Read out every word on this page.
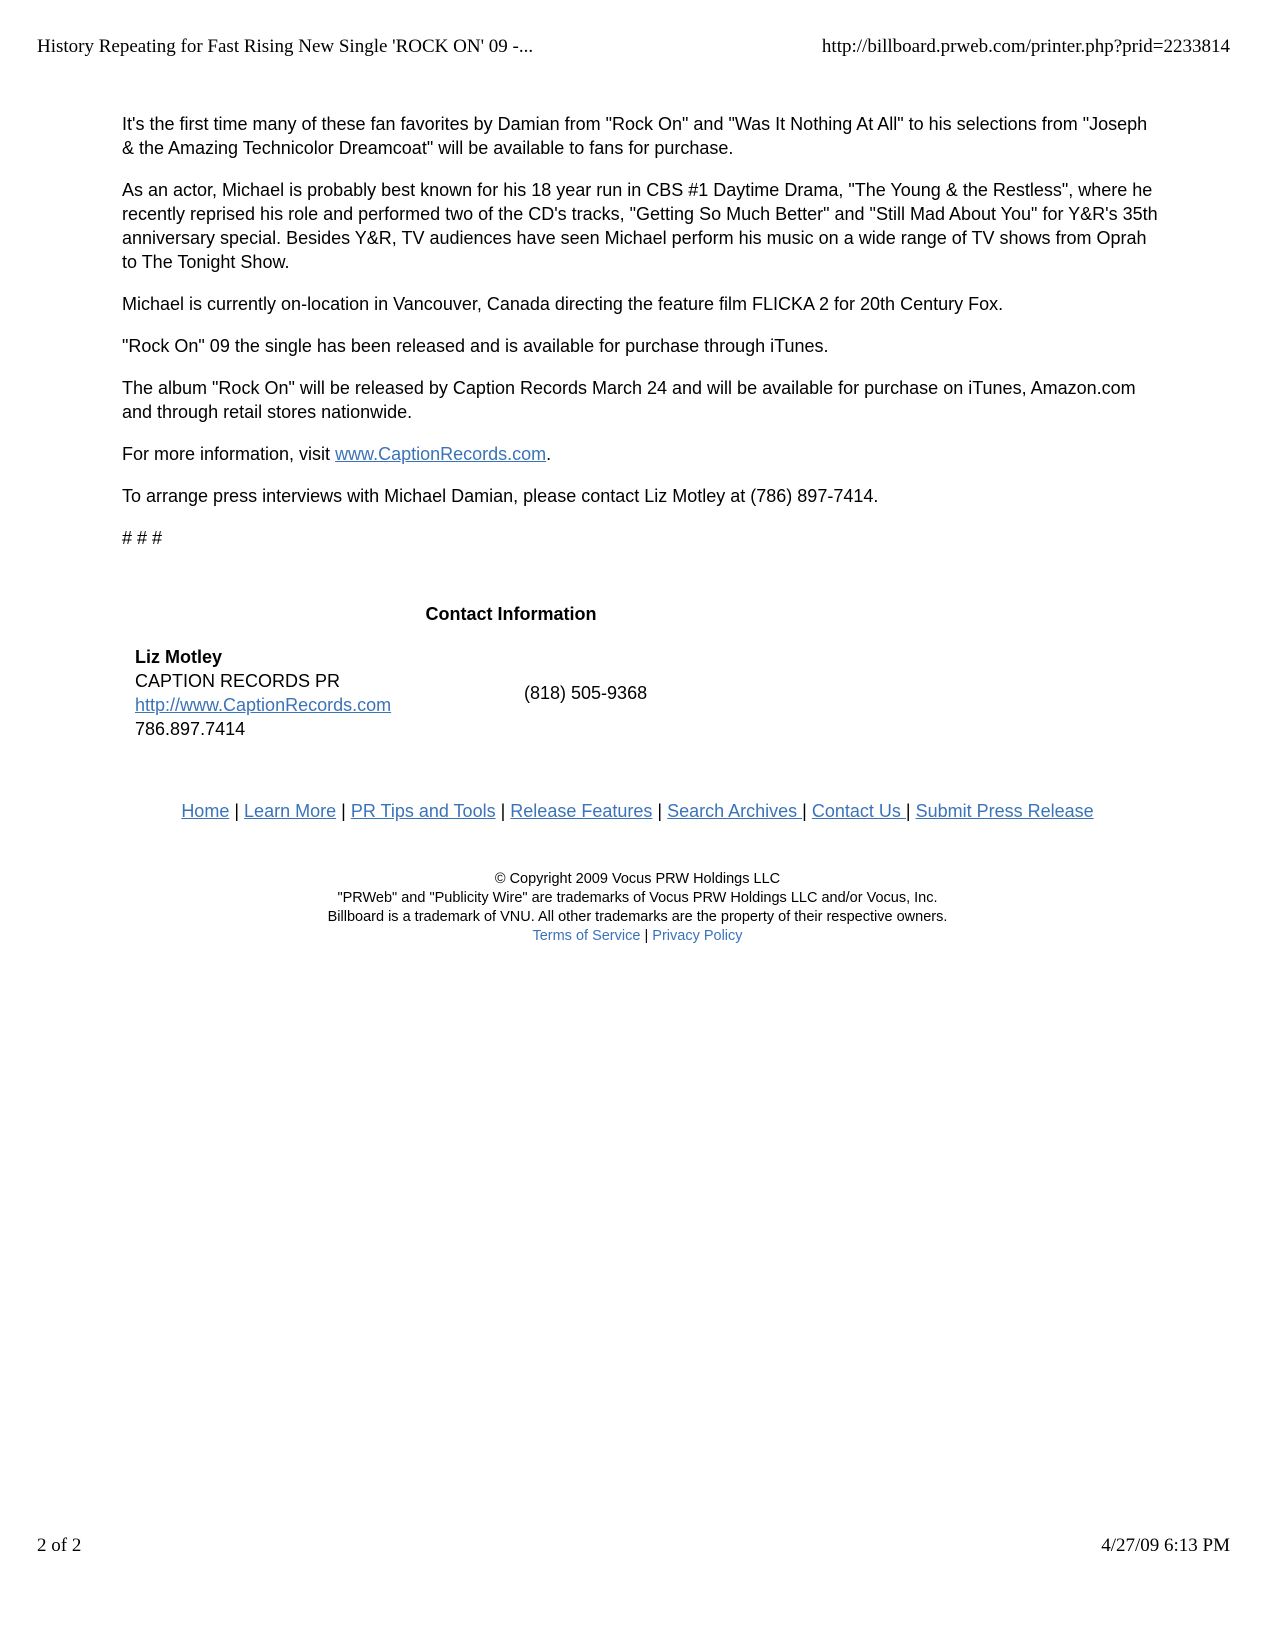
History Repeating for Fast Rising New Single 'ROCK ON' 09 -...	http://billboard.prweb.com/printer.php?prid=2233814

It's the first time many of these fan favorites by Damian from "Rock On" and "Was It Nothing At All" to his selections from "Joseph & the Amazing Technicolor Dreamcoat" will be available to fans for purchase.

As an actor, Michael is probably best known for his 18 year run in CBS #1 Daytime Drama, "The Young & the Restless", where he recently reprised his role and performed two of the CD's tracks, "Getting So Much Better" and "Still Mad About You" for Y&R's 35th anniversary special. Besides Y&R, TV audiences have seen Michael perform his music on a wide range of TV shows from Oprah to The Tonight Show.

Michael is currently on-location in Vancouver, Canada directing the feature film FLICKA 2 for 20th Century Fox.

"Rock On" 09 the single has been released and is available for purchase through iTunes.

The album "Rock On" will be released by Caption Records March 24 and will be available for purchase on iTunes, Amazon.com and through retail stores nationwide.

For more information, visit www.CaptionRecords.com.

To arrange press interviews with Michael Damian, please contact Liz Motley at (786) 897-7414.

# # #

Contact Information
Liz Motley
CAPTION RECORDS PR
http://www.CaptionRecords.com
786.897.7414
(818) 505-9368
Home | Learn More | PR Tips and Tools | Release Features | Search Archives | Contact Us | Submit Press Release
© Copyright 2009 Vocus PRW Holdings LLC
"PRWeb" and "Publicity Wire" are trademarks of Vocus PRW Holdings LLC and/or Vocus, Inc.
Billboard is a trademark of VNU. All other trademarks are the property of their respective owners.
Terms of Service | Privacy Policy
2 of 2	4/27/09 6:13 PM
